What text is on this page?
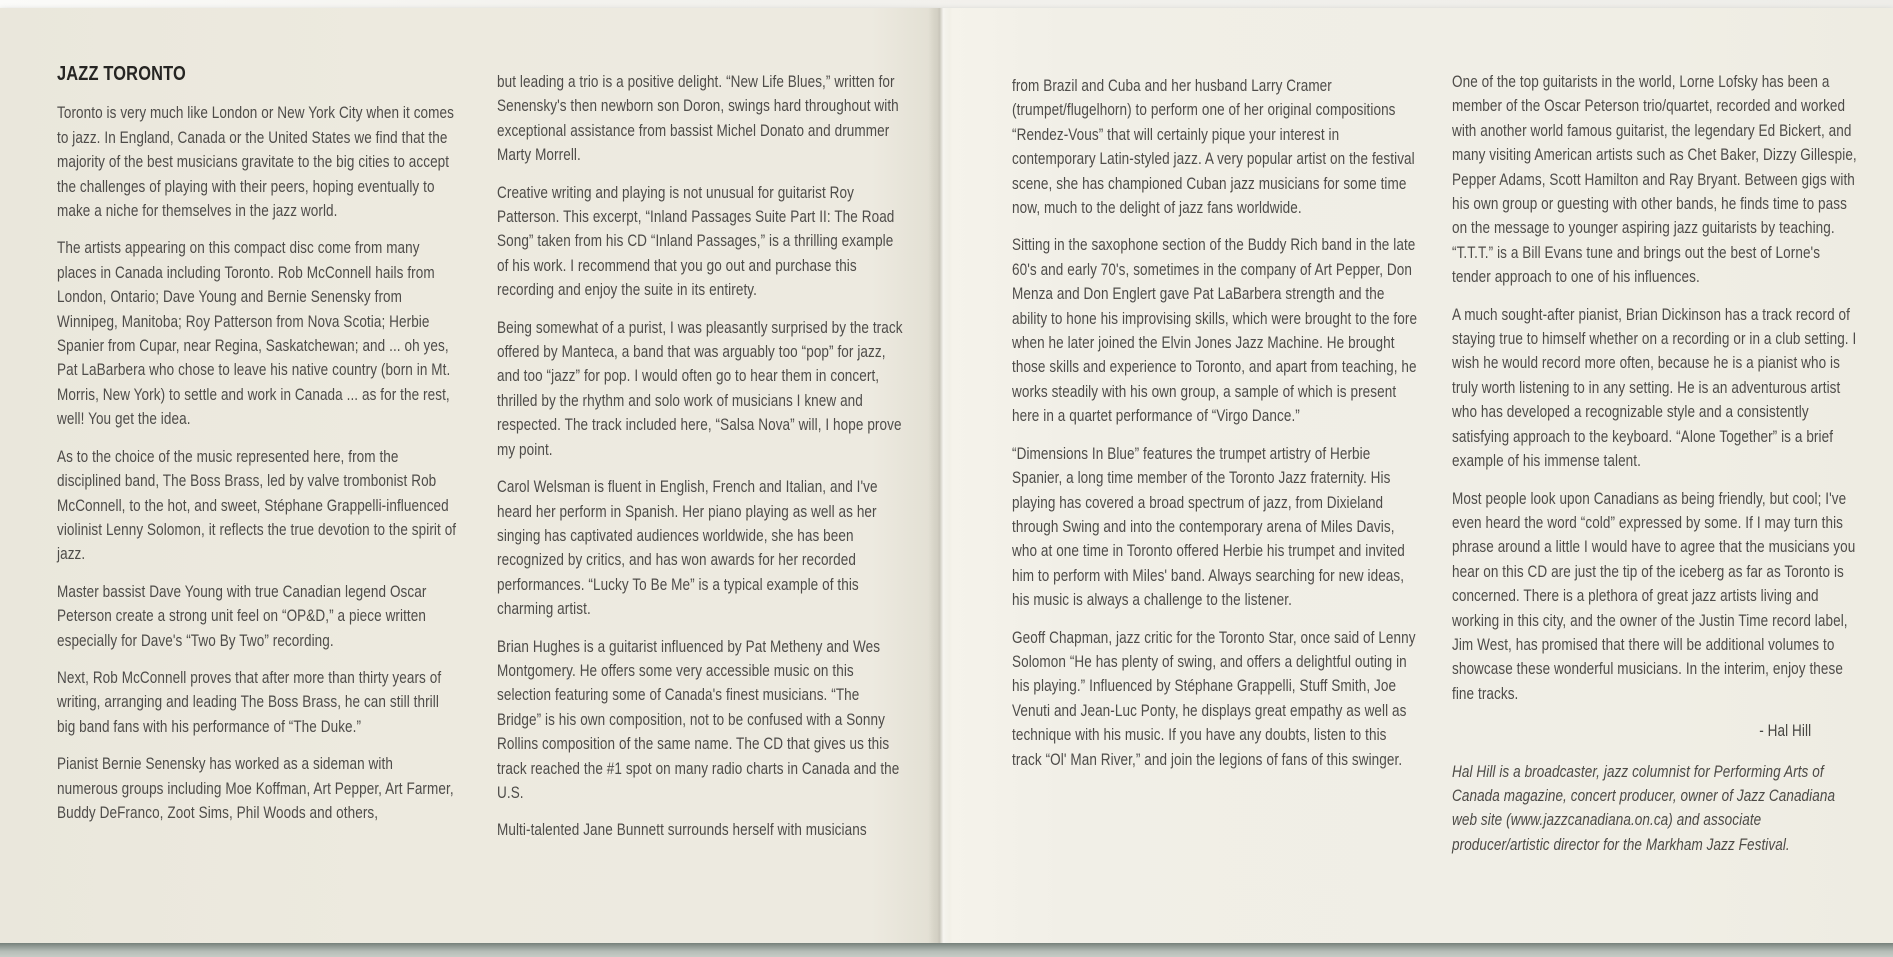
JAZZ TORONTO

Toronto is very much like London or New York City when it comes to jazz. In England, Canada or the United States we find that the majority of the best musicians gravitate to the big cities to accept the challenges of playing with their peers, hoping eventually to make a niche for themselves in the jazz world.

The artists appearing on this compact disc come from many places in Canada including Toronto. Rob McConnell hails from London, Ontario; Dave Young and Bernie Senensky from Winnipeg, Manitoba; Roy Patterson from Nova Scotia; Herbie Spanier from Cupar, near Regina, Saskatchewan; and ... oh yes, Pat LaBarbera who chose to leave his native country (born in Mt. Morris, New York) to settle and work in Canada ... as for the rest, well! You get the idea.

As to the choice of the music represented here, from the disciplined band, The Boss Brass, led by valve trombonist Rob McConnell, to the hot, and sweet, Stéphane Grappelli-influenced violinist Lenny Solomon, it reflects the true devotion to the spirit of jazz.

Master bassist Dave Young with true Canadian legend Oscar Peterson create a strong unit feel on “OP&D,” a piece written especially for Dave's “Two By Two” recording.

Next, Rob McConnell proves that after more than thirty years of writing, arranging and leading The Boss Brass, he can still thrill big band fans with his performance of “The Duke.”

Pianist Bernie Senensky has worked as a sideman with numerous groups including Moe Koffman, Art Pepper, Art Farmer, Buddy DeFranco, Zoot Sims, Phil Woods and others,

but leading a trio is a positive delight. “New Life Blues,” written for Senensky's then newborn son Doron, swings hard throughout with exceptional assistance from bassist Michel Donato and drummer Marty Morrell.

Creative writing and playing is not unusual for guitarist Roy Patterson. This excerpt, “Inland Passages Suite Part II: The Road Song” taken from his CD “Inland Passages,” is a thrilling example of his work. I recommend that you go out and purchase this recording and enjoy the suite in its entirety.

Being somewhat of a purist, I was pleasantly surprised by the track offered by Manteca, a band that was arguably too “pop” for jazz, and too “jazz” for pop. I would often go to hear them in concert, thrilled by the rhythm and solo work of musicians I knew and respected. The track included here, “Salsa Nova” will, I hope prove my point.

Carol Welsman is fluent in English, French and Italian, and I've heard her perform in Spanish. Her piano playing as well as her singing has captivated audiences worldwide, she has been recognized by critics, and has won awards for her recorded performances. “Lucky To Be Me” is a typical example of this charming artist.

Brian Hughes is a guitarist influenced by Pat Metheny and Wes Montgomery. He offers some very accessible music on this selection featuring some of Canada's finest musicians. “The Bridge” is his own composition, not to be confused with a Sonny Rollins composition of the same name. The CD that gives us this track reached the #1 spot on many radio charts in Canada and the U.S.

Multi-talented Jane Bunnett surrounds herself with musicians

from Brazil and Cuba and her husband Larry Cramer (trumpet/flugelhorn) to perform one of her original compositions “Rendez-Vous” that will certainly pique your interest in contemporary Latin-styled jazz. A very popular artist on the festival scene, she has championed Cuban jazz musicians for some time now, much to the delight of jazz fans worldwide.

Sitting in the saxophone section of the Buddy Rich band in the late 60's and early 70's, sometimes in the company of Art Pepper, Don Menza and Don Englert gave Pat LaBarbera strength and the ability to hone his improvising skills, which were brought to the fore when he later joined the Elvin Jones Jazz Machine. He brought those skills and experience to Toronto, and apart from teaching, he works steadily with his own group, a sample of which is present here in a quartet performance of “Virgo Dance.”

“Dimensions In Blue” features the trumpet artistry of Herbie Spanier, a long time member of the Toronto Jazz fraternity. His playing has covered a broad spectrum of jazz, from Dixieland through Swing and into the contemporary arena of Miles Davis, who at one time in Toronto offered Herbie his trumpet and invited him to perform with Miles' band. Always searching for new ideas, his music is always a challenge to the listener.

Geoff Chapman, jazz critic for the Toronto Star, once said of Lenny Solomon “He has plenty of swing, and offers a delightful outing in his playing.” Influenced by Stéphane Grappelli, Stuff Smith, Joe Venuti and Jean-Luc Ponty, he displays great empathy as well as technique with his music. If you have any doubts, listen to this track “Ol' Man River,” and join the legions of fans of this swinger.

One of the top guitarists in the world, Lorne Lofsky has been a member of the Oscar Peterson trio/quartet, recorded and worked with another world famous guitarist, the legendary Ed Bickert, and many visiting American artists such as Chet Baker, Dizzy Gillespie, Pepper Adams, Scott Hamilton and Ray Bryant. Between gigs with his own group or guesting with other bands, he finds time to pass on the message to younger aspiring jazz guitarists by teaching. “T.T.T.” is a Bill Evans tune and brings out the best of Lorne's tender approach to one of his influences.

A much sought-after pianist, Brian Dickinson has a track record of staying true to himself whether on a recording or in a club setting. I wish he would record more often, because he is a pianist who is truly worth listening to in any setting. He is an adventurous artist who has developed a recognizable style and a consistently satisfying approach to the keyboard. “Alone Together” is a brief example of his immense talent.

Most people look upon Canadians as being friendly, but cool; I've even heard the word “cold” expressed by some. If I may turn this phrase around a little I would have to agree that the musicians you hear on this CD are just the tip of the iceberg as far as Toronto is concerned. There is a plethora of great jazz artists living and working in this city, and the owner of the Justin Time record label, Jim West, has promised that there will be additional volumes to showcase these wonderful musicians. In the interim, enjoy these fine tracks.

- Hal Hill

Hal Hill is a broadcaster, jazz columnist for Performing Arts of Canada magazine, concert producer, owner of Jazz Canadiana web site (www.jazzcanadiana.on.ca) and associate producer/artistic director for the Markham Jazz Festival.
